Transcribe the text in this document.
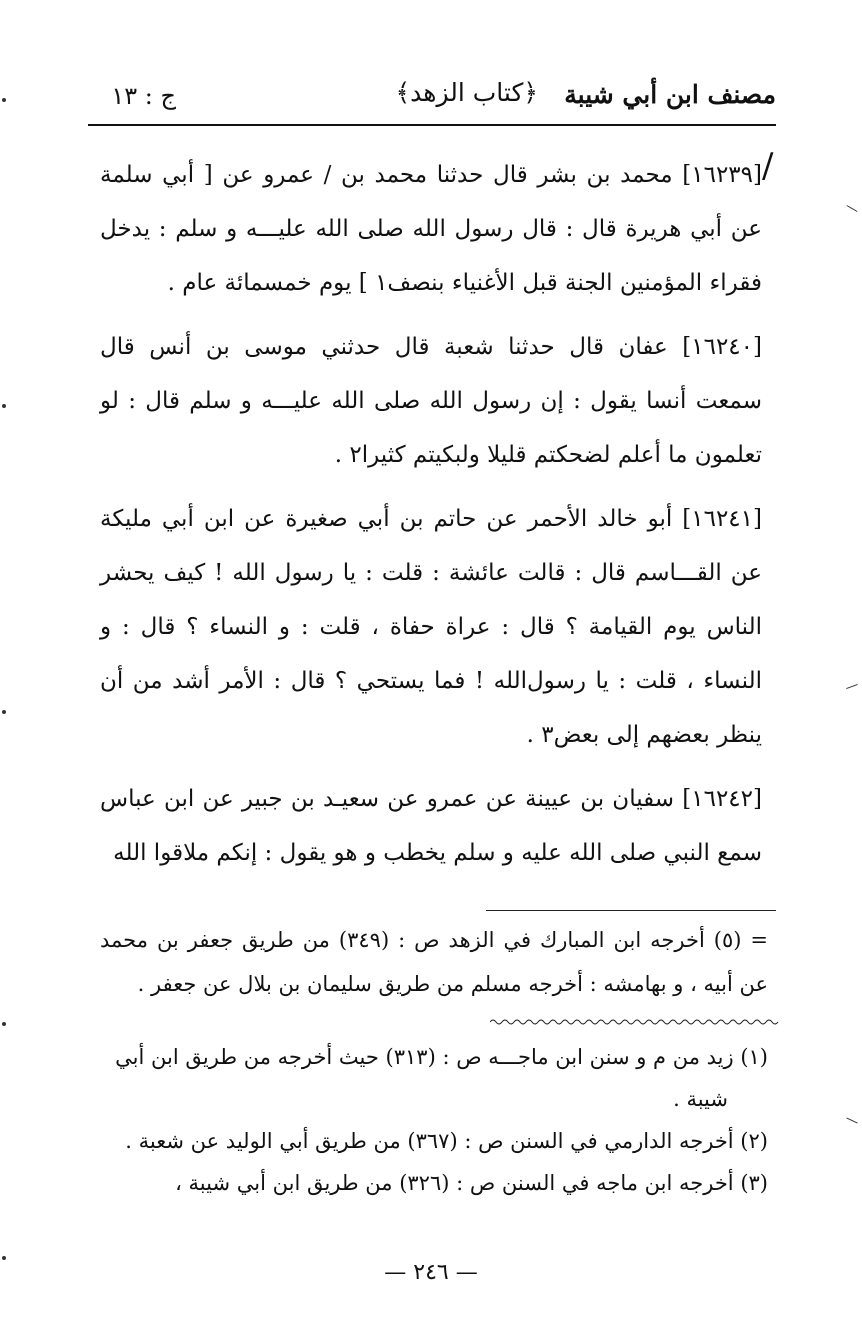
مصنف ابن أبي شيبة
﴿كتاب الزهد﴾
ج : ١٣
/

[١٦٢٣٩] محمد بن بشر قال حدثنا محمد بن / عمرو عن [ أبي سلمة عن أبي هريرة قال : قال رسول الله صلى الله عليـــه و سلم : يدخل فقراء المؤمنين الجنة قبل الأغنياء بنصف١ ] يوم خمسمائة عام .

[١٦٢٤٠] عفان قال حدثنا شعبة قال حدثني موسى بن أنس قال سمعت أنسا يقول : إن رسول الله صلى الله عليـــه و سلم قال : لو تعلمون ما أعلم لضحكتم قليلا ولبكيتم كثيرا٢ .

[١٦٢٤١] أبو خالد الأحمر عن حاتم بن أبي صغيرة عن ابن أبي مليكة عن القـــاسم قال : قالت عائشة : قلت : يا رسول الله ! كيف يحشر الناس يوم القيامة ؟ قال : عراة حفاة ، قلت : و النساء ؟ قال : و النساء ، قلت : يا رسول‌الله ! فما يستحي ؟ قال : الأمر أشد من أن ينظر بعضهم إلى بعض٣ .

[١٦٢٤٢] سفيان بن عيينة عن عمرو عن سعيـد بن جبير عن ابن عباس سمع النبي صلى الله عليه و سلم يخطب و هو يقول : إنكم ملاقوا الله

= (٥) أخرجه ابن المبارك في الزهد ص : (٣٤٩) من طريق جعفر بن محمد عن أبيه ، و بهامشه : أخرجه مسلم من طريق سليمان بن بلال عن جعفر .

(١) زيد من م و سنن ابن ماجـــه ص : (٣١٣) حيث أخرجه من طريق ابن أبي شيبة .

(٢) أخرجه الدارمي في السنن ص : (٣٦٧) من طريق أبي الوليد عن شعبة .

(٣) أخرجه ابن ماجه في السنن ص : (٣٢٦) من طريق ابن أبي شيبة ،

— ٢٤٦ —
